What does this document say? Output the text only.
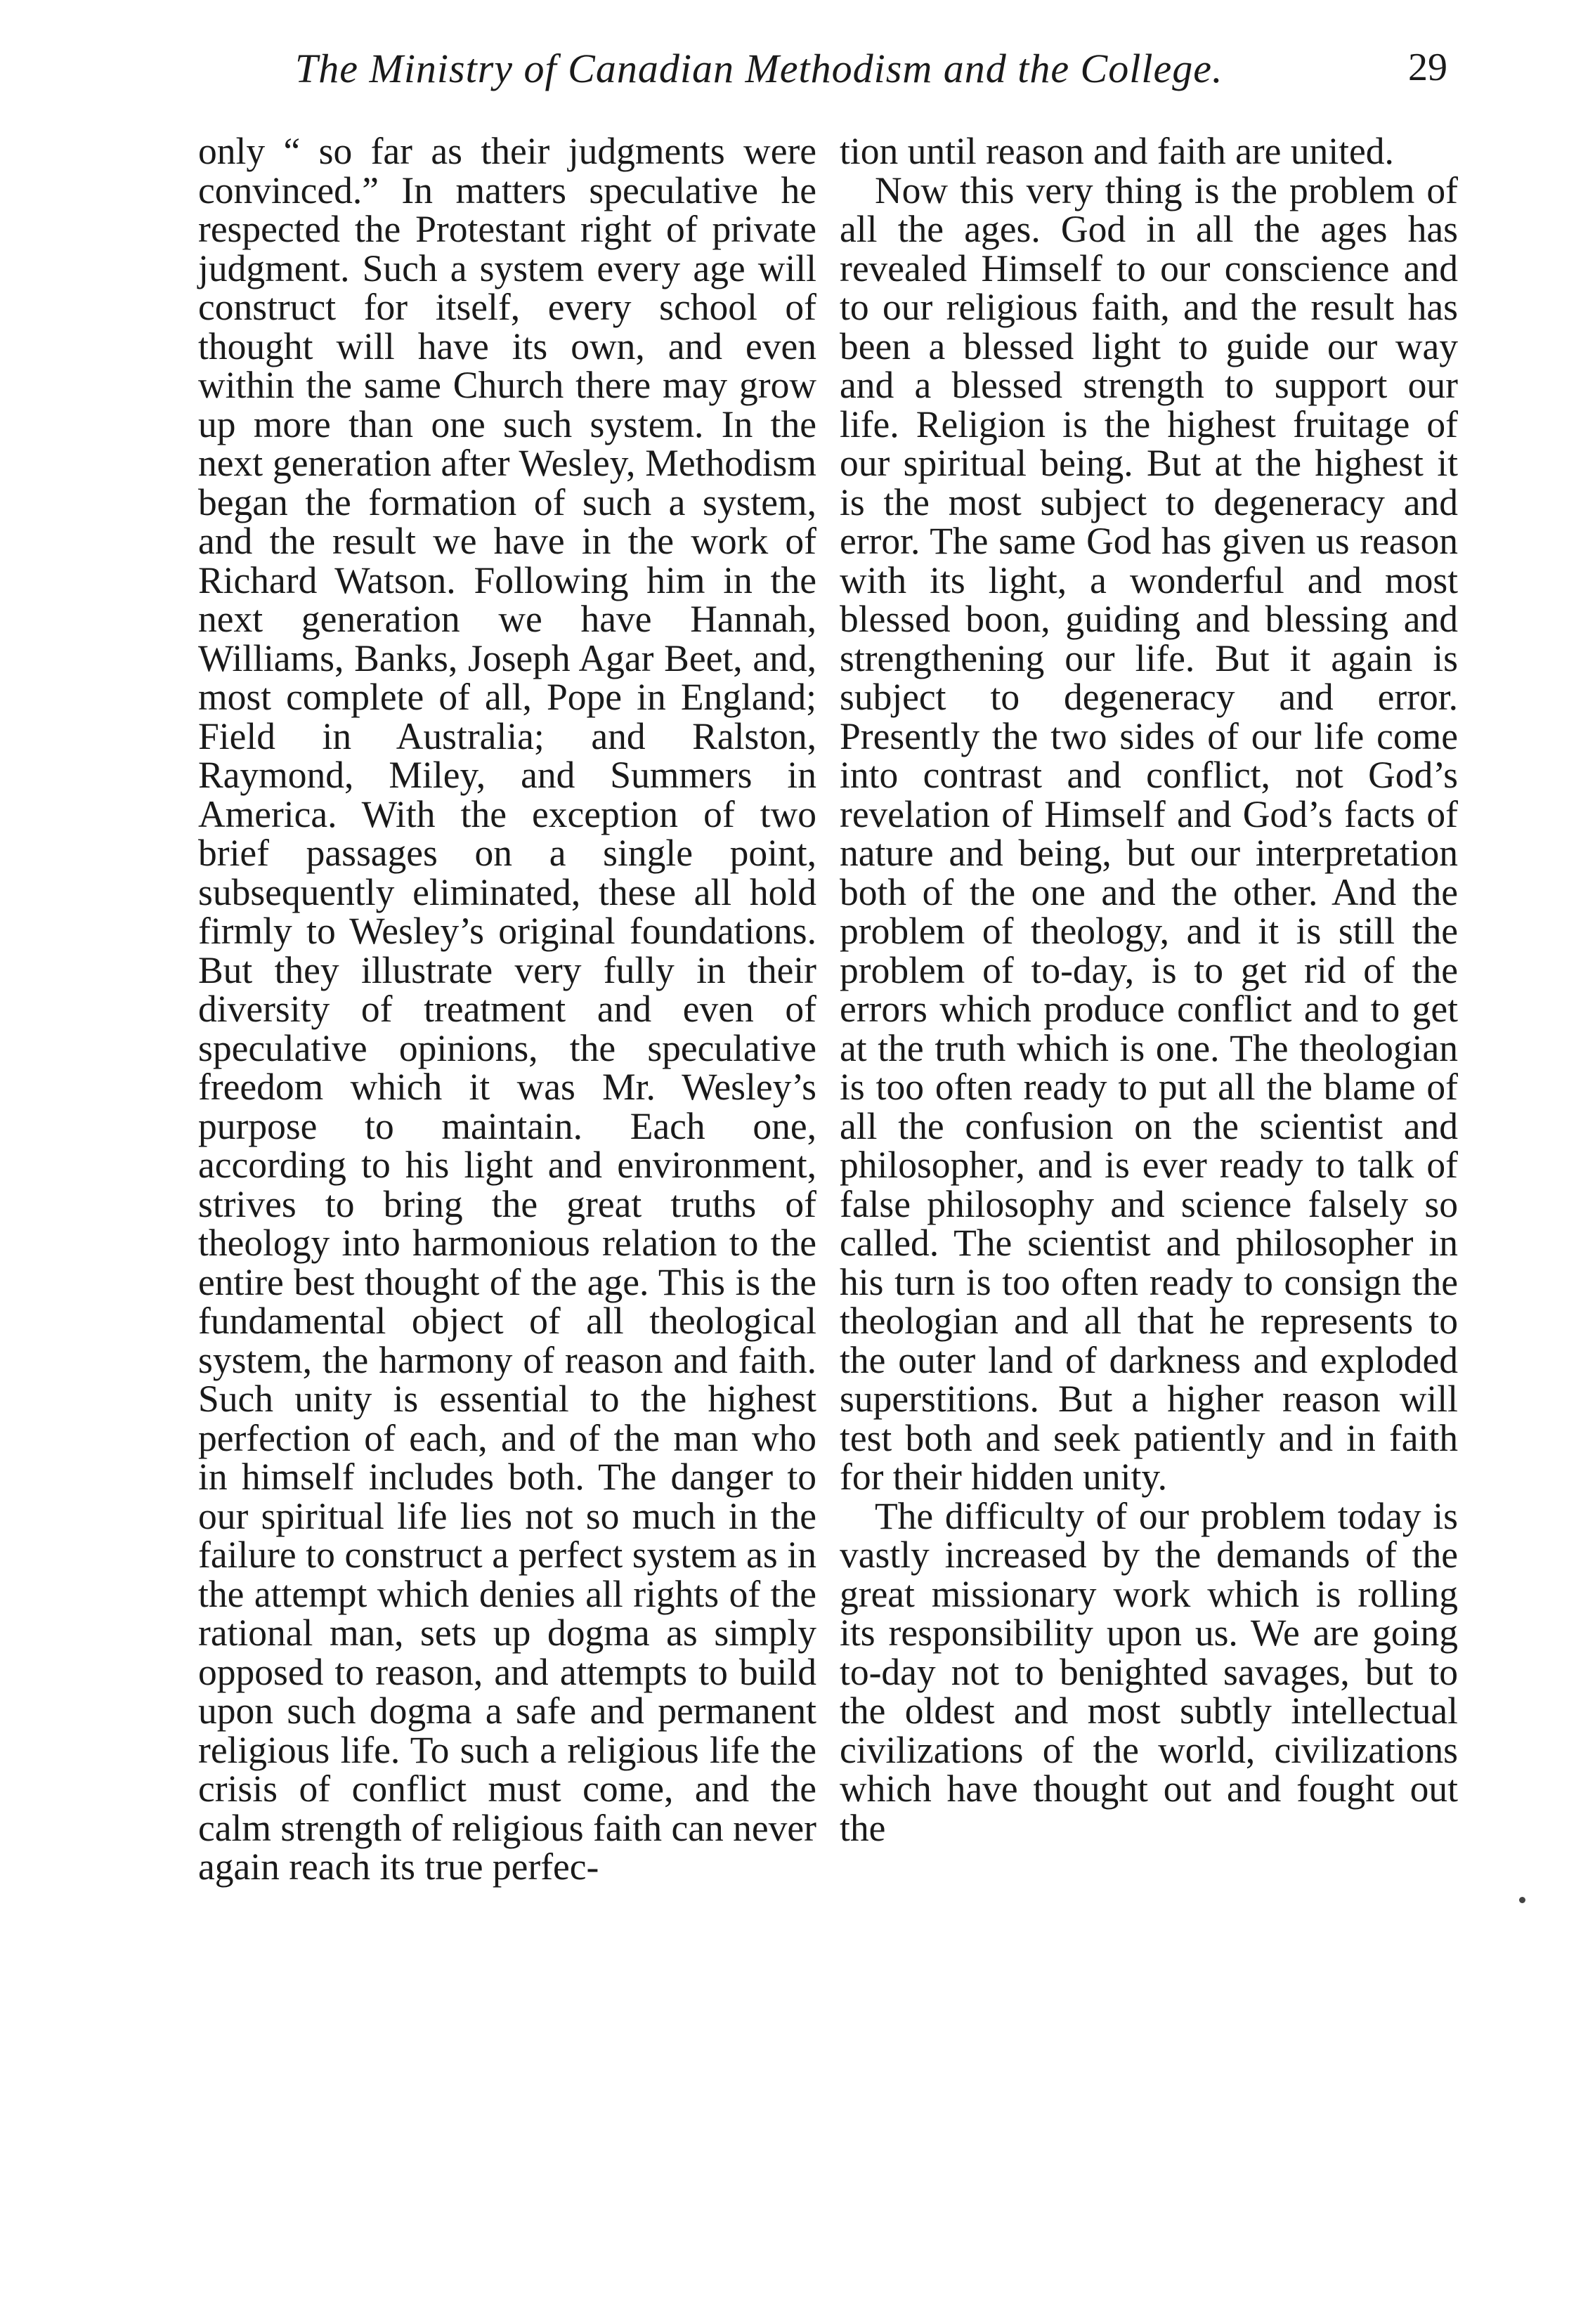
The Ministry of Canadian Methodism and the College.	29

only “ so far as their judgments were convinced.” In matters speculative he respected the Protestant right of private judgment. Such a system every age will construct for itself, every school of thought will have its own, and even within the same Church there may grow up more than one such system. In the next generation after Wesley, Methodism began the formation of such a system, and the result we have in the work of Richard Watson. Following him in the next generation we have Hannah, Williams, Banks, Joseph Agar Beet, and, most complete of all, Pope in England; Field in Australia; and Ralston, Raymond, Miley, and Summers in America. With the exception of two brief passages on a single point, subsequently eliminated, these all hold firmly to Wesley’s original foundations. But they illustrate very fully in their diversity of treatment and even of speculative opinions, the speculative freedom which it was Mr. Wesley’s purpose to maintain. Each one, according to his light and environment, strives to bring the great truths of theology into harmonious relation to the entire best thought of the age. This is the fundamental object of all theological system, the harmony of reason and faith. Such unity is essential to the highest perfection of each, and of the man who in himself includes both. The danger to our spiritual life lies not so much in the failure to construct a perfect system as in the attempt which denies all rights of the rational man, sets up dogma as simply opposed to reason, and attempts to build upon such dogma a safe and permanent religious life. To such a religious life the crisis of conflict must come, and the calm strength of religious faith can never again reach its true perfec-

tion until reason and faith are united.

Now this very thing is the problem of all the ages. God in all the ages has revealed Himself to our conscience and to our religious faith, and the result has been a blessed light to guide our way and a blessed strength to support our life. Religion is the highest fruitage of our spiritual being. But at the highest it is the most subject to degeneracy and error. The same God has given us reason with its light, a wonderful and most blessed boon, guiding and blessing and strengthening our life. But it again is subject to degeneracy and error. Presently the two sides of our life come into contrast and conflict, not God’s revelation of Himself and God’s facts of nature and being, but our interpretation both of the one and the other. And the problem of theology, and it is still the problem of to-day, is to get rid of the errors which produce conflict and to get at the truth which is one. The theologian is too often ready to put all the blame of all the confusion on the scientist and philosopher, and is ever ready to talk of false philosophy and science falsely so called. The scientist and philosopher in his turn is too often ready to consign the theologian and all that he represents to the outer land of darkness and exploded superstitions. But a higher reason will test both and seek patiently and in faith for their hidden unity.

The difficulty of our problem today is vastly increased by the demands of the great missionary work which is rolling its responsibility upon us. We are going to-day not to benighted savages, but to the oldest and most subtly intellectual civilizations of the world, civilizations which have thought out and fought out the
